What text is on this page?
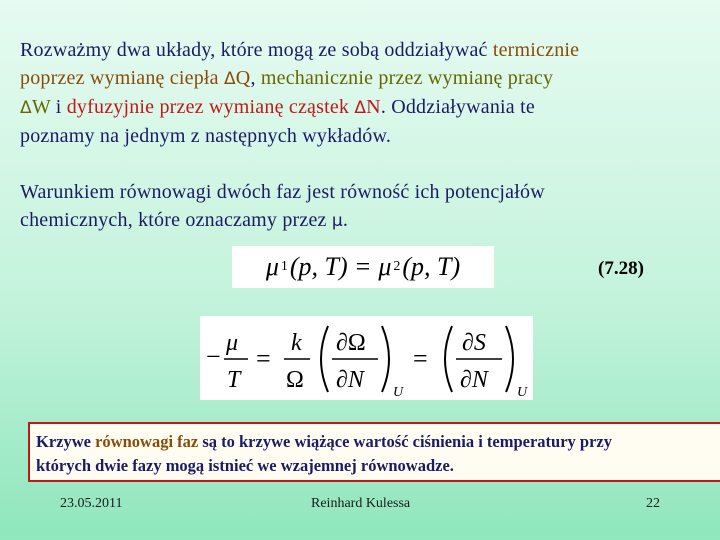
Rozważmy dwa układy, które mogą ze sobą oddziaływać termicznie
poprzez wymianę ciepła ΔQ, mechanicznie przez wymianę pracy
ΔW i dyfuzyjnie przez wymianę cząstek ΔN. Oddziaływania te
poznamy na jednym z następnych wykładów.
Warunkiem równowagi dwóch faz jest równość ich potencjałów
chemicznych, które oznaczamy przez μ.
μ 1 (p, T) = μ 2 (p, T)	(7.28)
− μ
T
=
k
Ω
∂Ω
∂N U
=
∂S
∂N U
Krzywe równowagi faz są to krzywe wiążące wartość ciśnienia i temperatury przy
których dwie fazy mogą istnieć we wzajemnej równowadze.
23.05.2011	Reinhard Kulessa	22
